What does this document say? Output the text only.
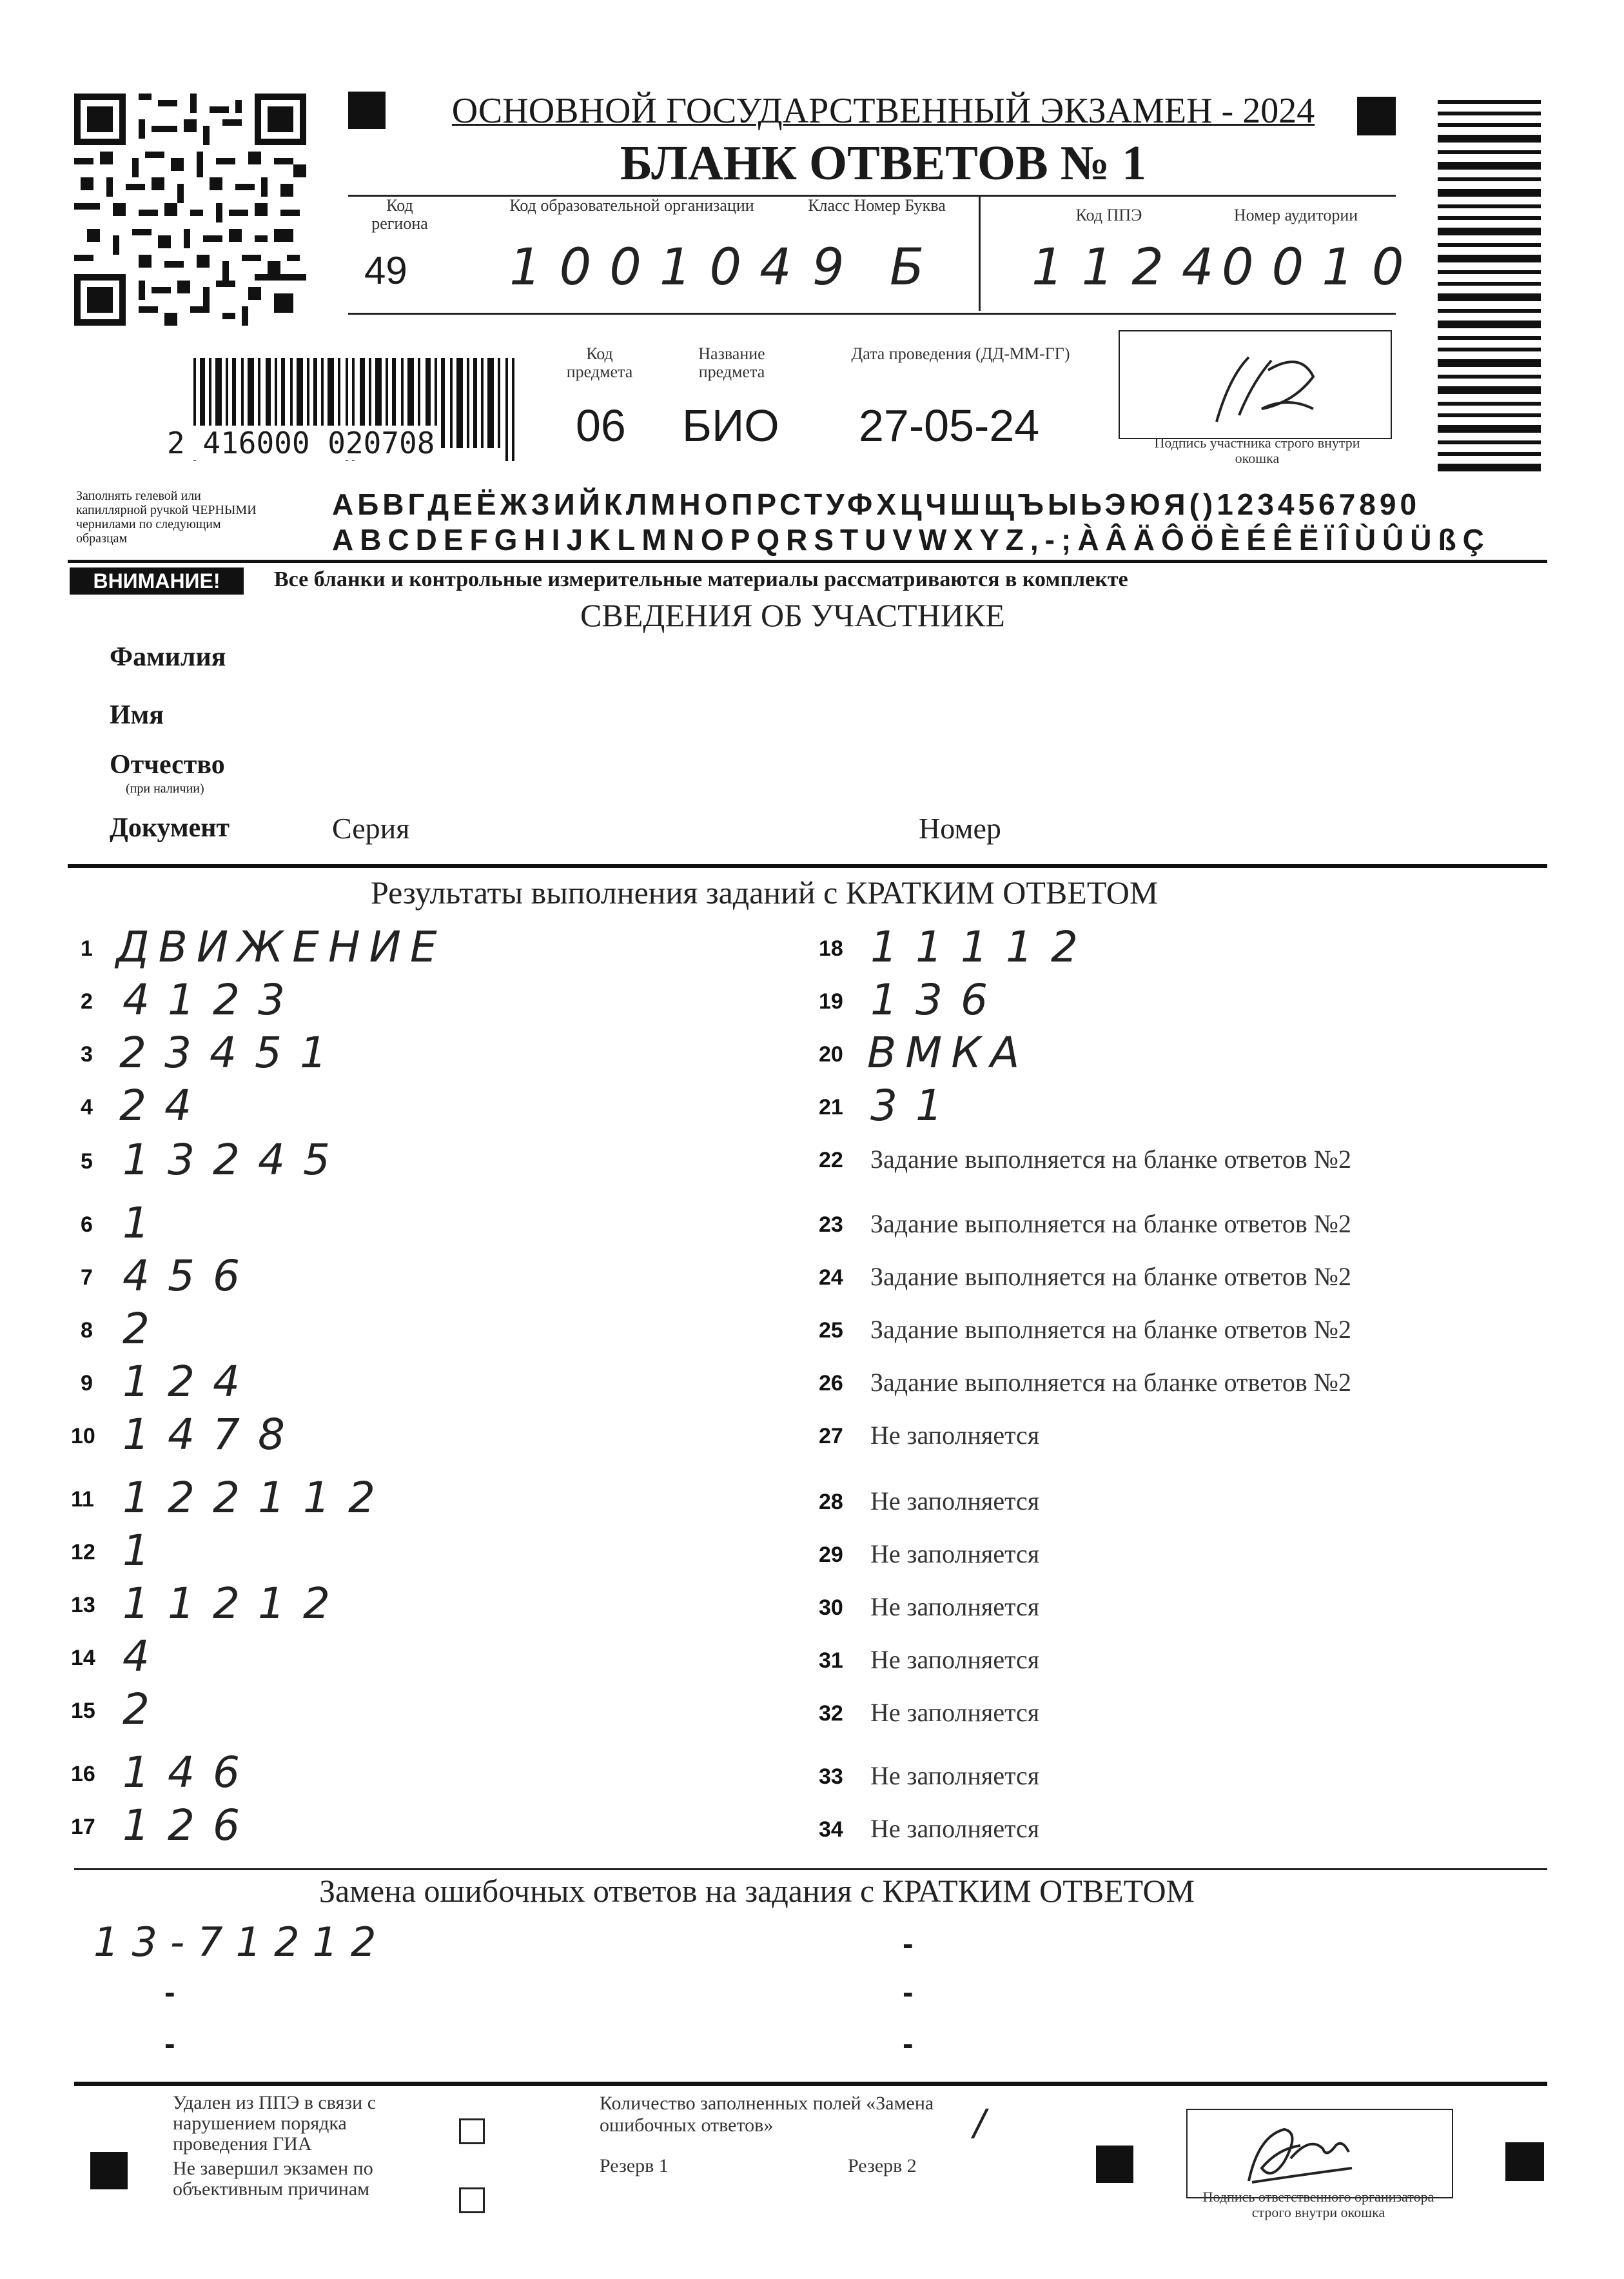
ОСНОВНОЙ ГОСУДАРСТВЕННЫЙ ЭКЗАМЕН - 2024
БЛАНК ОТВЕТОВ № 1
Код региона
49
Код образовательной организации
100104
Класс Номер Буква
9 Б
Код ППЭ
1124
Номер аудитории
0010
2 416000 020708
Код предмета
06
Название предмета
БИО
Дата проведения (ДД-ММ-ГГ)
27-05-24	Подпись участника строго внутри окошка
Заполнять гелевой или капиллярной ручкой ЧЕРНЫМИ чернилами по следующим образцам
АБВГДЕЁЖЗИЙКЛМНОПРСТУФХЦЧШЩЪЫЬЭЮЯ()1234567890
ABCDEFGHIJKLMNOPQRSTUVWXYZ,-;ÀÂÄÔÖÈÉÊËÏÎÙÛÜßÇ
ВНИМАНИЕ!	Все бланки и контрольные измерительные материалы рассматриваются в комплекте
СВЕДЕНИЯ ОБ УЧАСТНИКЕ
Фамилия
Имя
Отчество
(при наличии)
Документ	Серия	Номер
Результаты выполнения заданий с КРАТКИМ ОТВЕТОМ
1 ДВИЖЕНИЕ
2 4123
3 23451
4 24
5 13245
6 1
7 456
8 2
9 124
10 1478
11 122112
12 1
13 11212
14 4
15 2
16 146
17 126
18 11112
19 136
20 ВМКА
21 31
22 Задание выполняется на бланке ответов №2
23 Задание выполняется на бланке ответов №2
24 Задание выполняется на бланке ответов №2
25 Задание выполняется на бланке ответов №2
26 Задание выполняется на бланке ответов №2
27 Не заполняется
28 Не заполняется
29 Не заполняется
30 Не заполняется
31 Не заполняется
32 Не заполняется
33 Не заполняется
34 Не заполняется
Замена ошибочных ответов на задания с КРАТКИМ ОТВЕТОМ
13-71212
-
-
-
-
-
Удален из ППЭ в связи с нарушением порядка проведения ГИА
Не завершил экзамен по объективным причинам
Количество заполненных полей «Замена ошибочных ответов»	/
Резерв 1	Резерв 2
Подпись ответственного организатора строго внутри окошка
